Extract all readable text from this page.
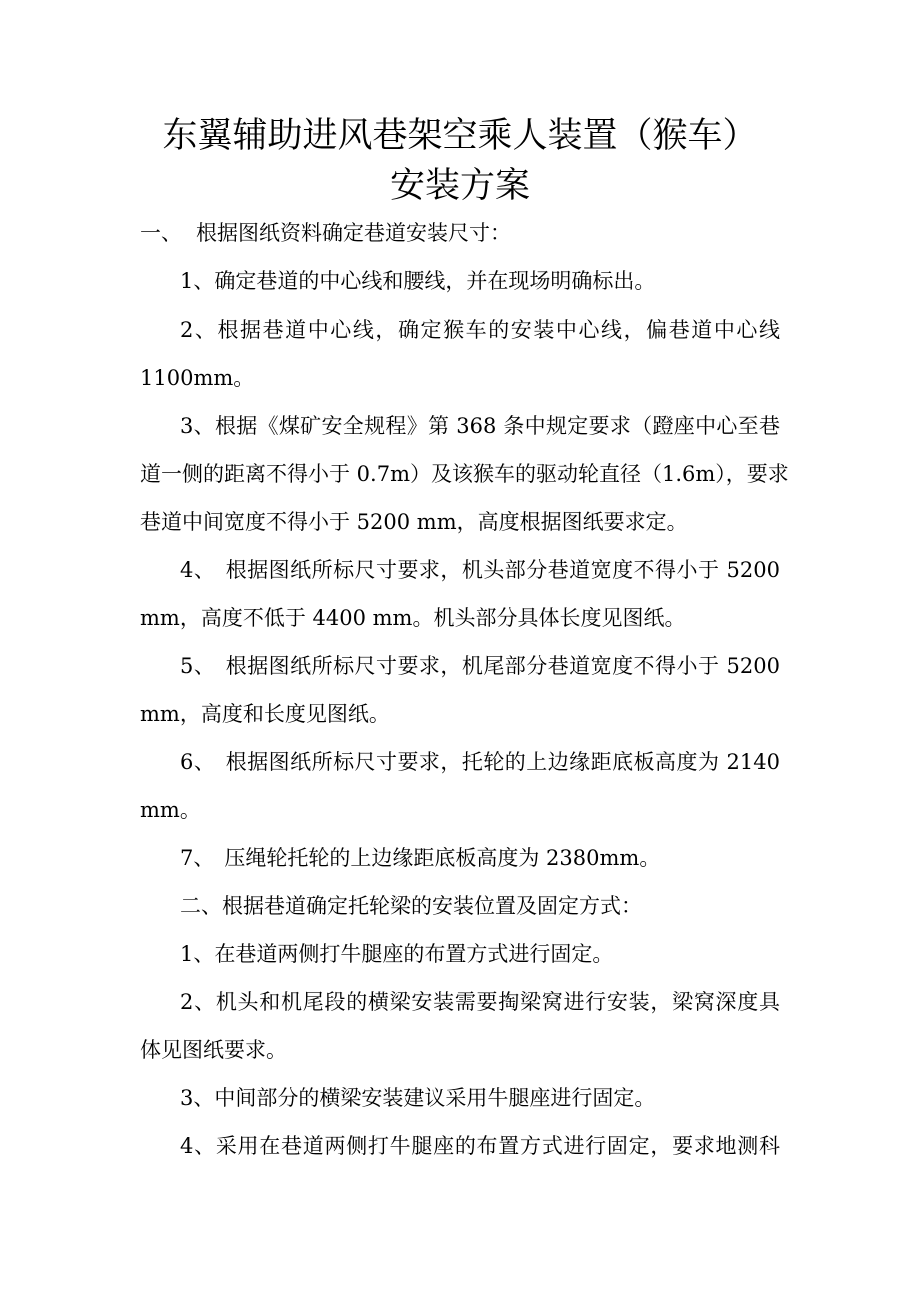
东翼辅助进风巷架空乘人装置（猴车）
安装方案
一、 根据图纸资料确定巷道安装尺寸：
1、确定巷道的中心线和腰线，并在现场明确标出。
2、根据巷道中心线，确定猴车的安装中心线，偏巷道中心线
1100mm。
3、根据《煤矿安全规程》第 368 条中规定要求（蹬座中心至巷
道一侧的距离不得小于 0.7m）及该猴车的驱动轮直径（1.6m），要求
巷道中间宽度不得小于 5200 mm，高度根据图纸要求定。
4、 根据图纸所标尺寸要求，机头部分巷道宽度不得小于 5200
mm，高度不低于 4400 mm。机头部分具体长度见图纸。
5、 根据图纸所标尺寸要求，机尾部分巷道宽度不得小于 5200
mm，高度和长度见图纸。
6、 根据图纸所标尺寸要求，托轮的上边缘距底板高度为 2140
mm。
7、 压绳轮托轮的上边缘距底板高度为 2380mm。
二、根据巷道确定托轮梁的安装位置及固定方式：
1、在巷道两侧打牛腿座的布置方式进行固定。
2、机头和机尾段的横梁安装需要掏梁窝进行安装，梁窝深度具
体见图纸要求。
3、中间部分的横梁安装建议采用牛腿座进行固定。
4、采用在巷道两侧打牛腿座的布置方式进行固定，要求地测科
